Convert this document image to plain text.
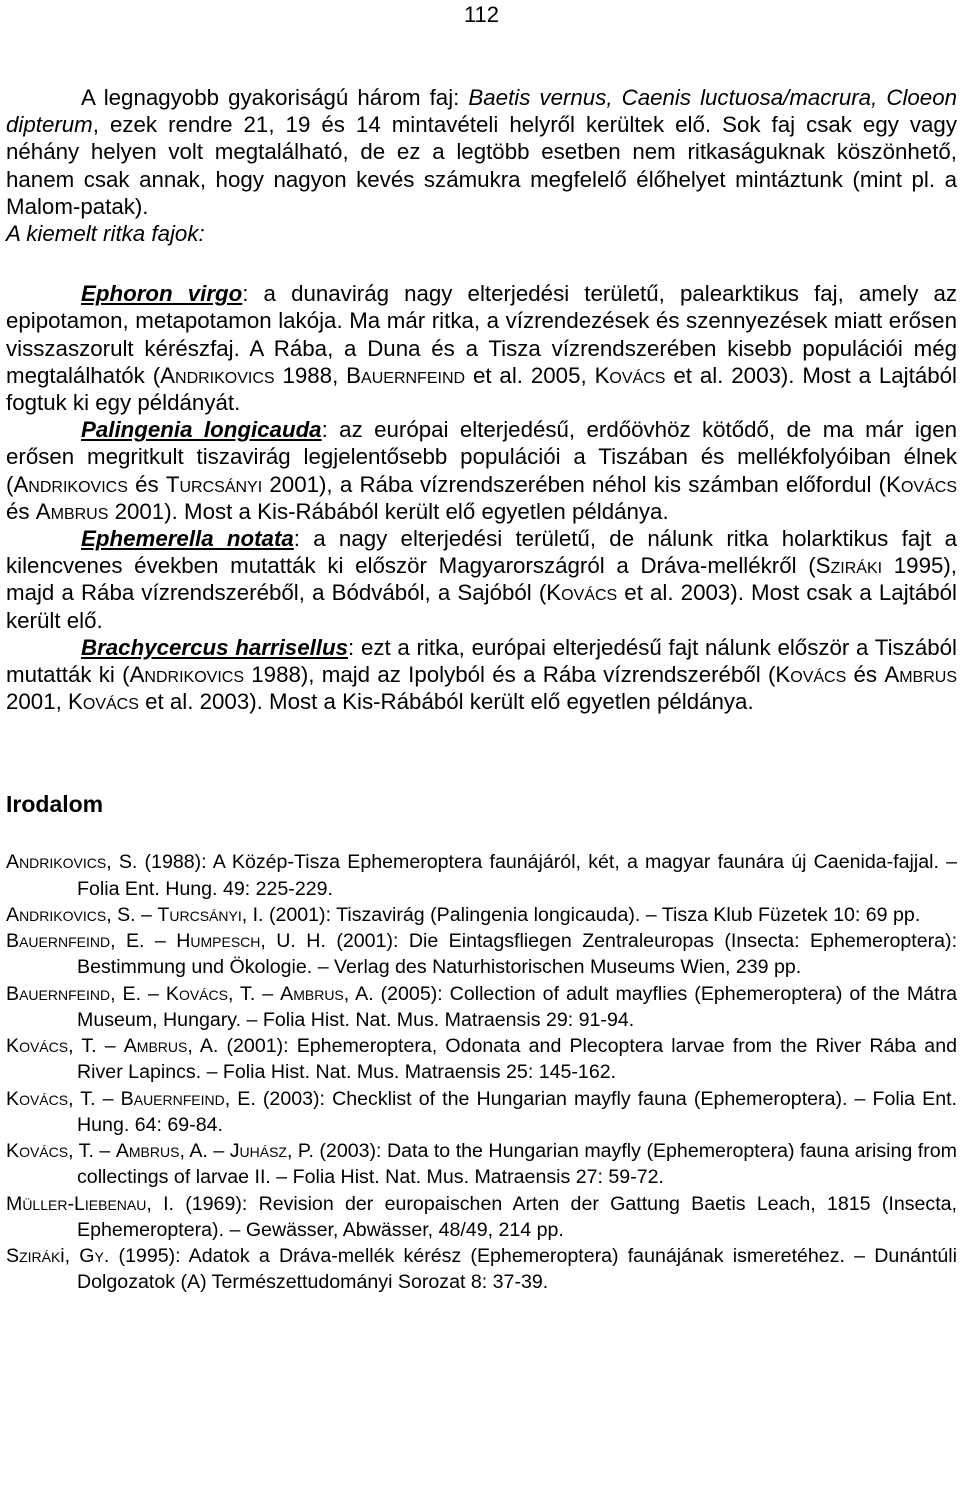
112

A legnagyobb gyakoriságú három faj: Baetis vernus, Caenis luctuosa/macrura, Cloeon dipterum, ezek rendre 21, 19 és 14 mintavételi helyről kerültek elő. Sok faj csak egy vagy néhány helyen volt megtalálható, de ez a legtöbb esetben nem ritkaságuknak köszönhető, hanem csak annak, hogy nagyon kevés számukra megfelelő élőhelyet mintáztunk (mint pl. a Malom-patak).

A kiemelt ritka fajok:

Ephoron virgo: a dunavirág nagy elterjedési területű, palearktikus faj, amely az epipotamon, metapotamon lakója. Ma már ritka, a vízrendezések és szennyezések miatt erősen visszaszorult kérészfaj. A Rába, a Duna és a Tisza vízrendszerében kisebb populációi még megtalálhatók (Andrikovics 1988, Bauernfeind et al. 2005, Kovács et al. 2003). Most a Lajtából fogtuk ki egy példányát.

Palingenia longicauda: az európai elterjedésű, erdőövhöz kötődő, de ma már igen erősen megritkult tiszavirág legjelentősebb populációi a Tiszában és mellékfolyóiban élnek (Andrikovics és Turcsányi 2001), a Rába vízrendszerében néhol kis számban előfordul (Kovács és Ambrus 2001). Most a Kis-Rábából került elő egyetlen példánya.

Ephemerella notata: a nagy elterjedési területű, de nálunk ritka holarktikus fajt a kilencvenes években mutatták ki először Magyarországról a Dráva-mellékről (Sziráki 1995), majd a Rába vízrendszeréből, a Bódvából, a Sajóból (Kovács et al. 2003). Most csak a Lajtából került elő.

Brachycercus harrisellus: ezt a ritka, európai elterjedésű fajt nálunk először a Tiszából mutatták ki (Andrikovics 1988), majd az Ipolyból és a Rába vízrendszeréből (Kovács és Ambrus 2001, Kovács et al. 2003). Most a Kis-Rábából került elő egyetlen példánya.

Irodalom

Andrikovics, S. (1988): A Közép-Tisza Ephemeroptera faunájáról, két, a magyar faunára új Caenida-fajjal. – Folia Ent. Hung. 49: 225-229.

Andrikovics, S. – Turcsányi, I. (2001): Tiszavirág (Palingenia longicauda). – Tisza Klub Füzetek 10: 69 pp.

Bauernfeind, E. – Humpesch, U. H. (2001): Die Eintagsfliegen Zentraleuropas (Insecta: Ephemeroptera): Bestimmung und Ökologie. – Verlag des Naturhistorischen Museums Wien, 239 pp.

Bauernfeind, E. – Kovács, T. – Ambrus, A. (2005): Collection of adult mayflies (Ephemeroptera) of the Mátra Museum, Hungary. – Folia Hist. Nat. Mus. Matraensis 29: 91-94.

Kovács, T. – Ambrus, A. (2001): Ephemeroptera, Odonata and Plecoptera larvae from the River Rába and River Lapincs. – Folia Hist. Nat. Mus. Matraensis 25: 145-162.

Kovács, T. – Bauernfeind, E. (2003): Checklist of the Hungarian mayfly fauna (Ephemeroptera). – Folia Ent. Hung. 64: 69-84.

Kovács, T. – Ambrus, A. – Juhász, P. (2003): Data to the Hungarian mayfly (Ephemeroptera) fauna arising from collectings of larvae II. – Folia Hist. Nat. Mus. Matraensis 27: 59-72.

Müller-Liebenau, I. (1969): Revision der europaischen Arten der Gattung Baetis Leach, 1815 (Insecta, Ephemeroptera). – Gewässer, Abwässer, 48/49, 214 pp.

Sziráki, Gy. (1995): Adatok a Dráva-mellék kérész (Ephemeroptera) faunájának ismeretéhez. – Dunántúli Dolgozatok (A) Természettudományi Sorozat 8: 37-39.
